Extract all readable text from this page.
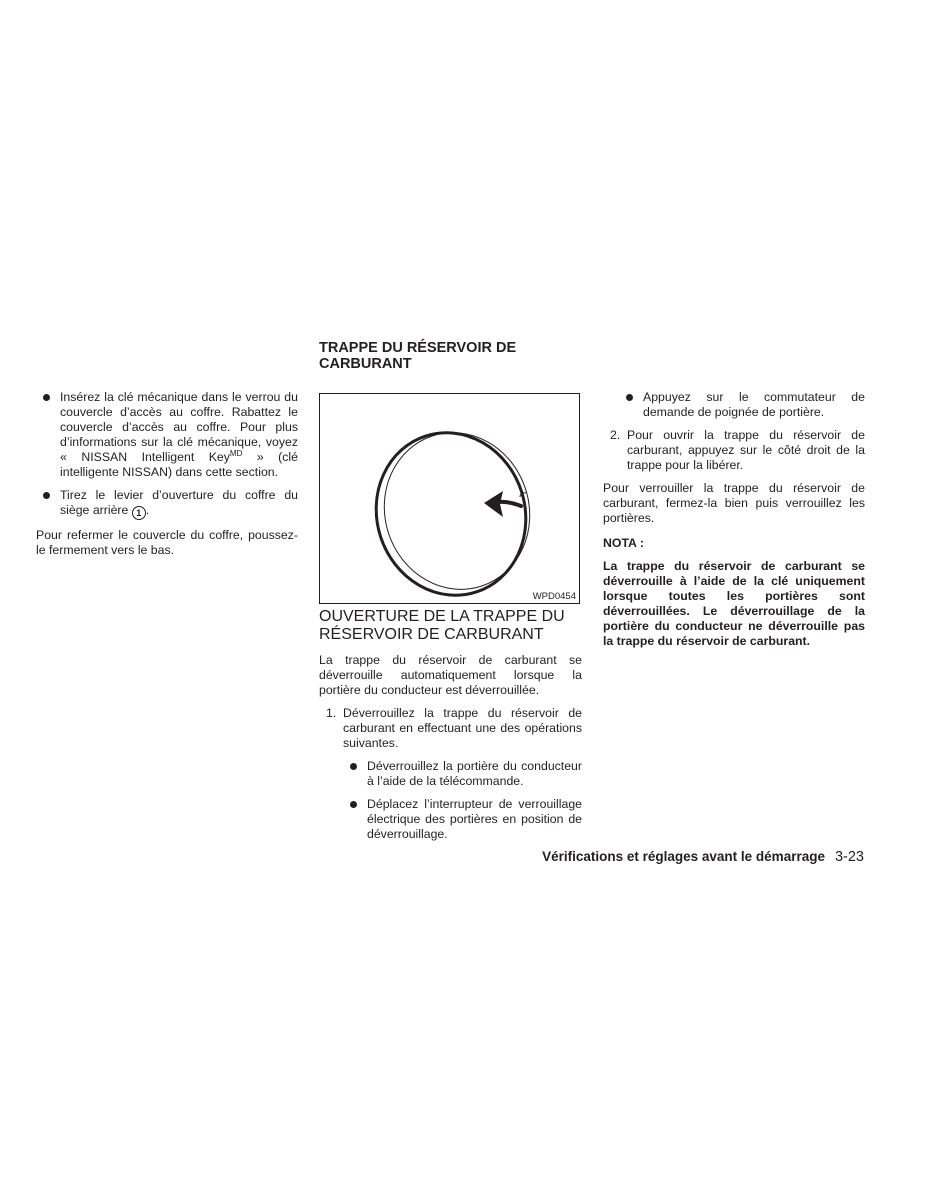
Insérez la clé mécanique dans le verrou du couvercle d’accès au coffre. Rabattez le couvercle d’accès au coffre. Pour plus d’informations sur la clé mécanique, voyez « NISSAN Intelligent Key$^{MD}$ » (clé intelligente NISSAN) dans cette section.
Tirez le levier d’ouverture du coffre du siège arrière 1 .

Pour refermer le couvercle du coffre, poussez-le fermement vers le bas.

TRAPPE DU RÉSERVOIR DE CARBURANT
WPD0454
OUVERTURE DE LA TRAPPE DU RÉSERVOIR DE CARBURANT

La trappe du réservoir de carburant se déverrouille automatiquement lorsque la portière du conducteur est déverrouillée.

1. Déverrouillez la trappe du réservoir de carburant en effectuant une des opérations suivantes.
Déverrouillez la portière du conducteur à l’aide de la télécommande.
Déplacez l’interrupteur de verrouillage électrique des portières en position de déverrouillage.
Appuyez sur le commutateur de demande de poignée de portière.
2. Pour ouvrir la trappe du réservoir de carburant, appuyez sur le côté droit de la trappe pour la libérer.

Pour verrouiller la trappe du réservoir de carburant, fermez-la bien puis verrouillez les portières.

NOTA :

La trappe du réservoir de carburant se déverrouille à l’aide de la clé uniquement lorsque toutes les portières sont déverrouillées. Le déverrouillage de la portière du conducteur ne déverrouille pas la trappe du réservoir de carburant.

Vérifications et réglages avant le démarrage 3-23
